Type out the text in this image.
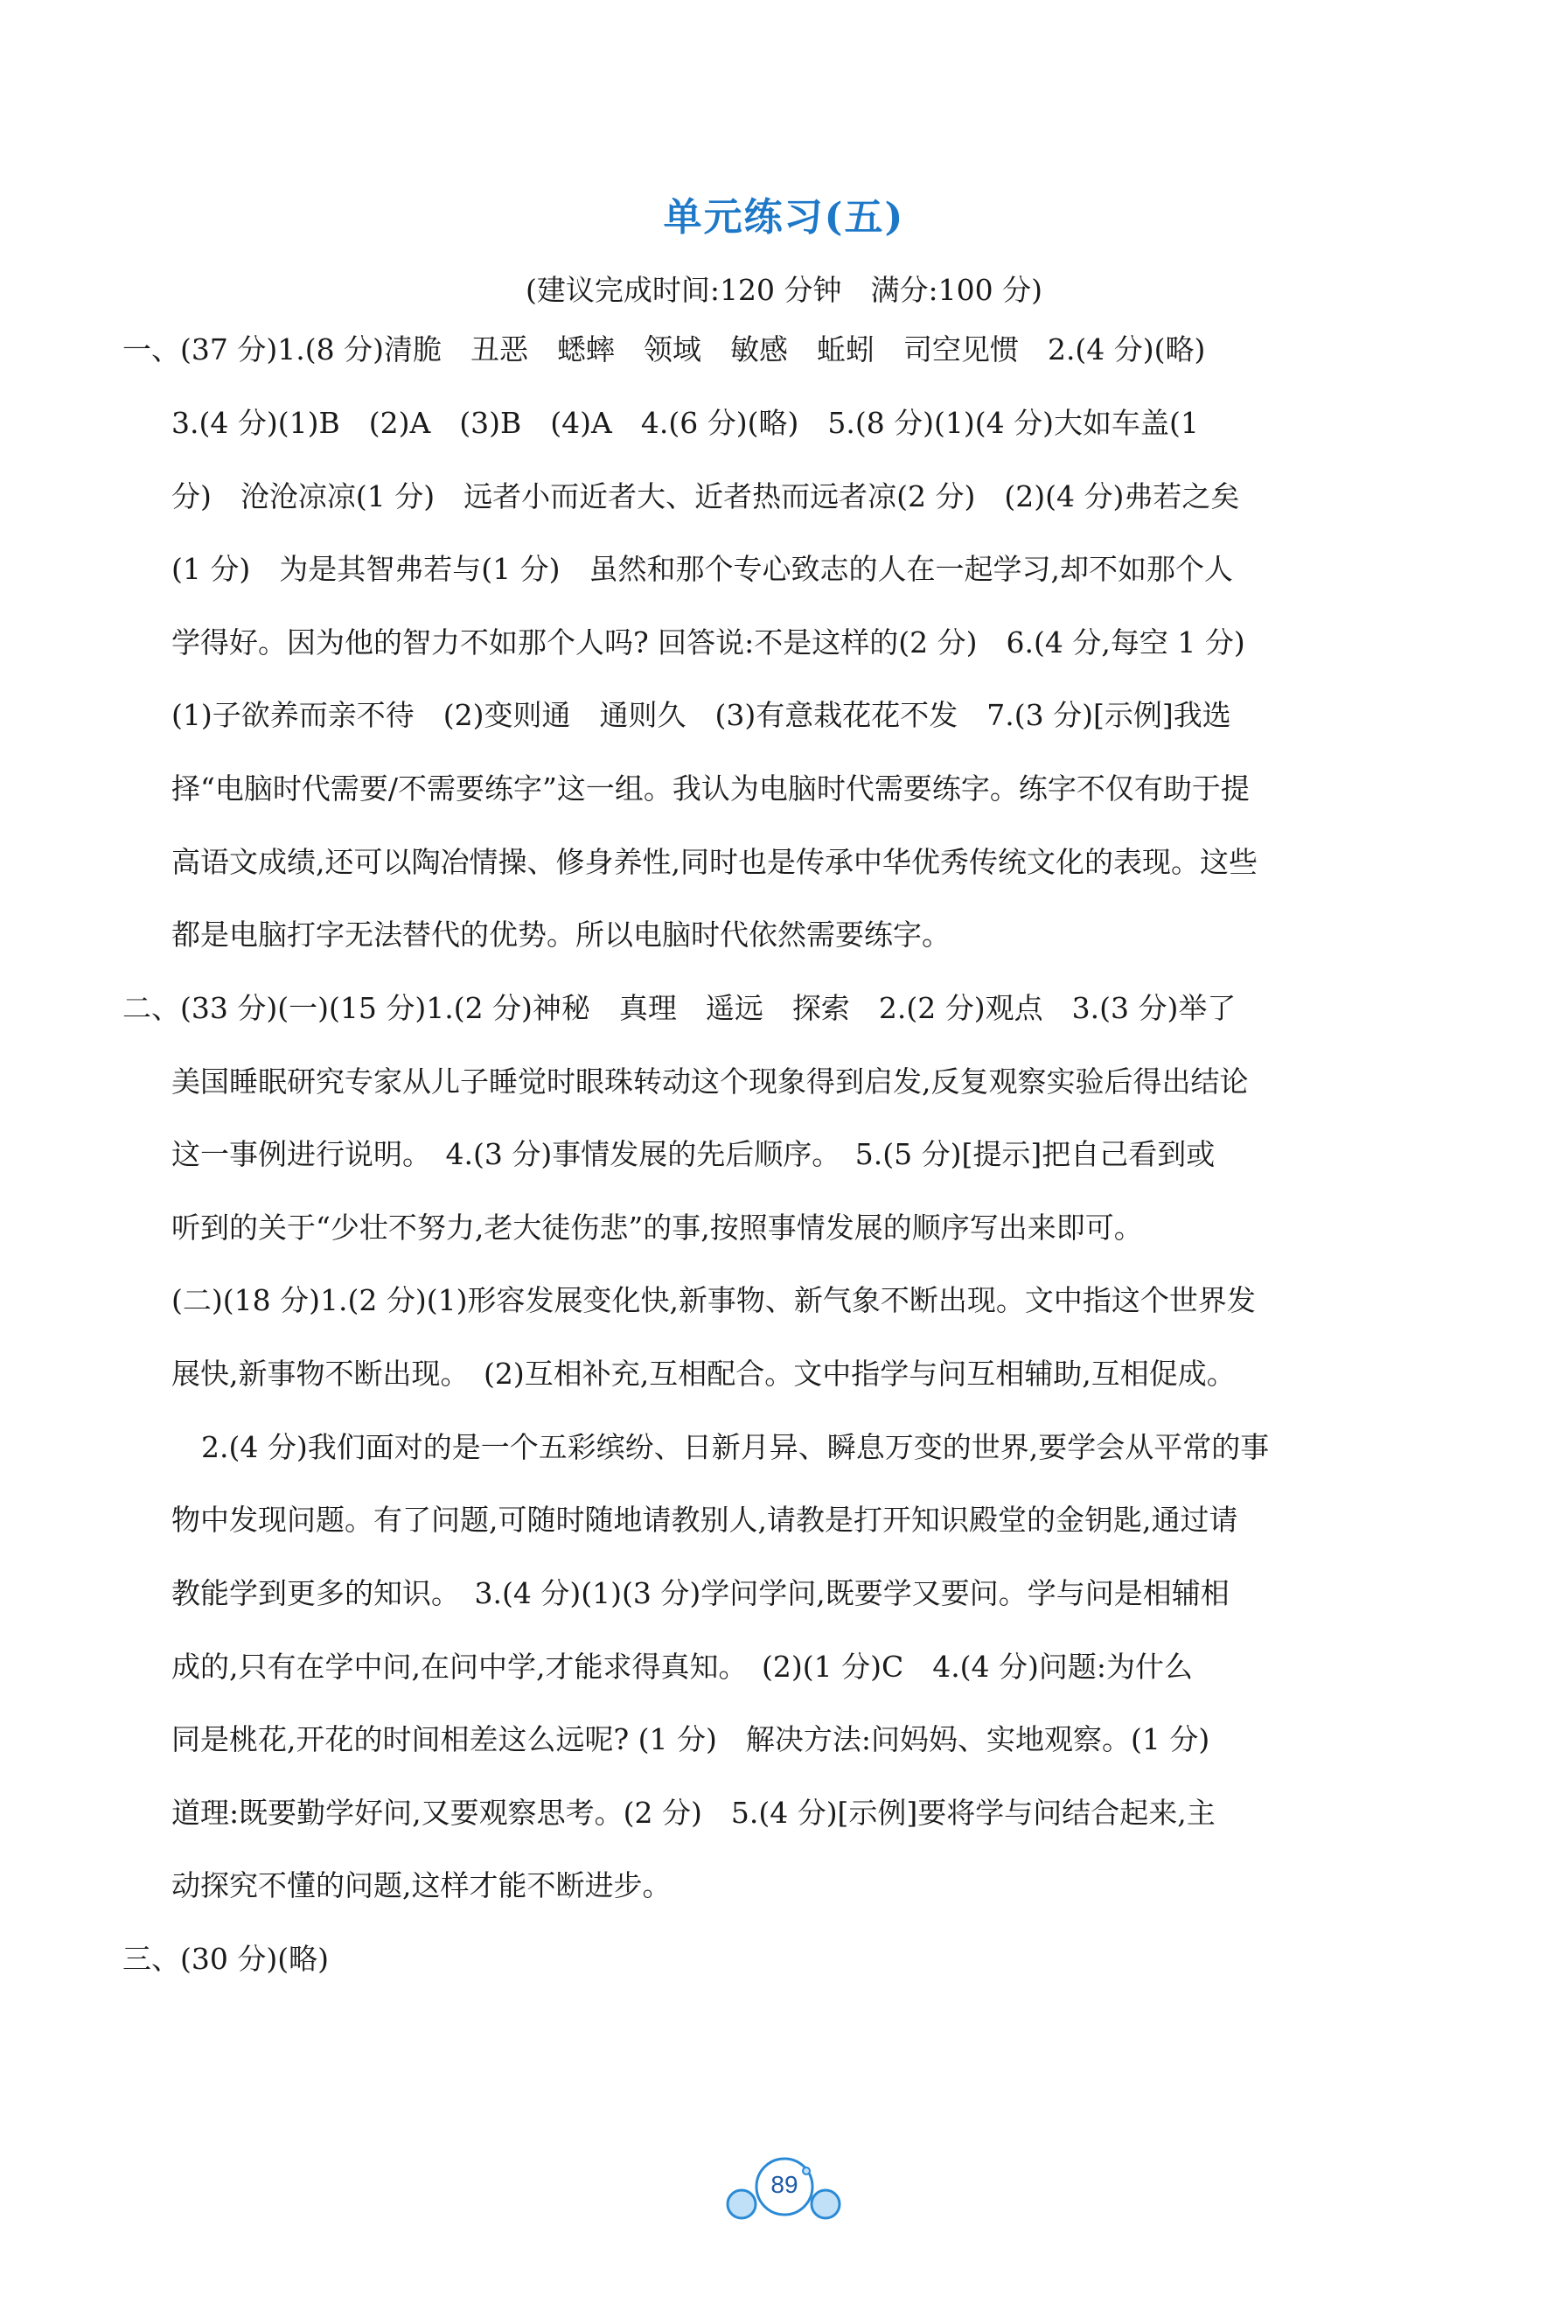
单元练习(五)
(建议完成时间:120 分钟　满分:100 分)
一、(37 分)1.(8 分)清脆　丑恶　蟋蟀　领域　敏感　蚯蚓　司空见惯　2.(4 分)(略)
3.(4 分)(1)B　(2)A　(3)B　(4)A　4.(6 分)(略)　5.(8 分)(1)(4 分)大如车盖(1
分)　沧沧凉凉(1 分)　远者小而近者大、近者热而远者凉(2 分)　(2)(4 分)弗若之矣
(1 分)　为是其智弗若与(1 分)　虽然和那个专心致志的人在一起学习,却不如那个人
学得好。因为他的智力不如那个人吗? 回答说:不是这样的(2 分)　6.(4 分,每空 1 分)
(1)子欲养而亲不待　(2)变则通　通则久　(3)有意栽花花不发　7.(3 分)[示例]我选
择“电脑时代需要/不需要练字”这一组。我认为电脑时代需要练字。练字不仅有助于提
高语文成绩,还可以陶冶情操、修身养性,同时也是传承中华优秀传统文化的表现。这些
都是电脑打字无法替代的优势。所以电脑时代依然需要练字。
二、(33 分)(一)(15 分)1.(2 分)神秘　真理　遥远　探索　2.(2 分)观点　3.(3 分)举了
美国睡眠研究专家从儿子睡觉时眼珠转动这个现象得到启发,反复观察实验后得出结论
这一事例进行说明。　4.(3 分)事情发展的先后顺序。　5.(5 分)[提示]把自己看到或
听到的关于“少壮不努力,老大徒伤悲”的事,按照事情发展的顺序写出来即可。
(二)(18 分)1.(2 分)(1)形容发展变化快,新事物、新气象不断出现。文中指这个世界发
展快,新事物不断出现。　(2)互相补充,互相配合。文中指学与问互相辅助,互相促成。
2.(4 分)我们面对的是一个五彩缤纷、日新月异、瞬息万变的世界,要学会从平常的事
物中发现问题。有了问题,可随时随地请教别人,请教是打开知识殿堂的金钥匙,通过请
教能学到更多的知识。　3.(4 分)(1)(3 分)学问学问,既要学又要问。学与问是相辅相
成的,只有在学中问,在问中学,才能求得真知。　(2)(1 分)C　4.(4 分)问题:为什么
同是桃花,开花的时间相差这么远呢? (1 分)　解决方法:问妈妈、实地观察。(1 分)
道理:既要勤学好问,又要观察思考。(2 分)　5.(4 分)[示例]要将学与问结合起来,主
动探究不懂的问题,这样才能不断进步。
三、(30 分)(略)
89
